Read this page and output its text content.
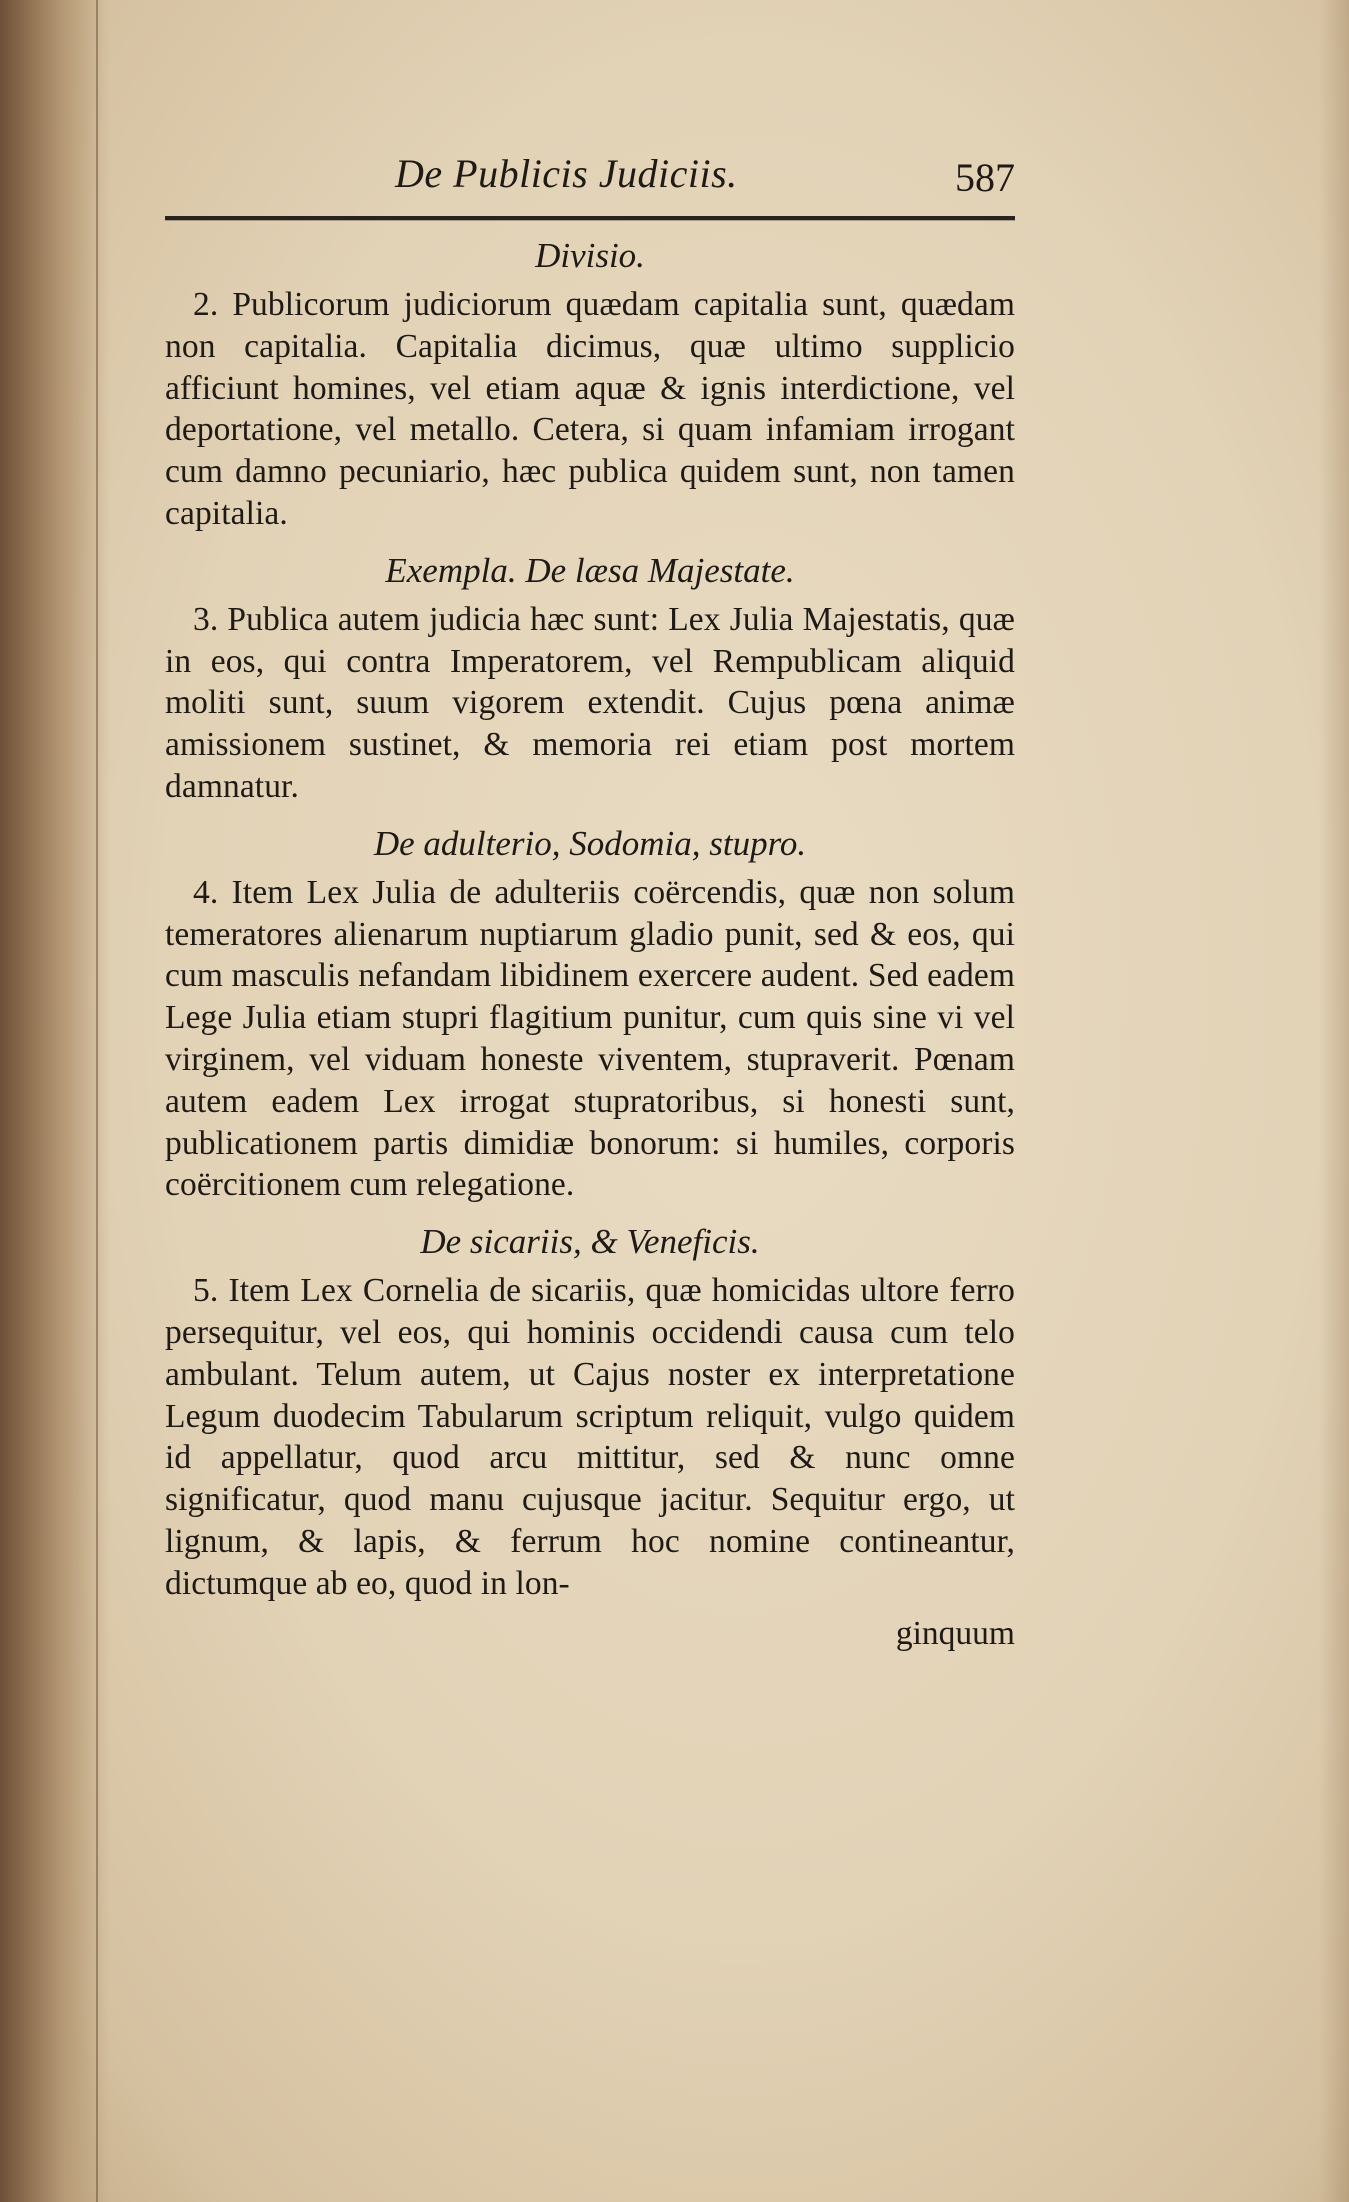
De Publicis Judiciis.	587
Divisio.

2. Publicorum judiciorum quædam capitalia sunt, quædam non capitalia. Capitalia dicimus, quæ ultimo supplicio afficiunt homines, vel etiam aquæ & ignis interdictione, vel deportatione, vel metallo. Cetera, si quam infamiam irrogant cum damno pecuniario, hæc publica quidem sunt, non tamen capitalia.

Exempla. De læsa Majestate.

3. Publica autem judicia hæc sunt: Lex Julia Majestatis, quæ in eos, qui contra Imperatorem, vel Rempublicam aliquid moliti sunt, suum vigorem extendit. Cujus pœna animæ amissionem sustinet, & memoria rei etiam post mortem damnatur.

De adulterio, Sodomia, stupro.

4. Item Lex Julia de adulteriis coërcendis, quæ non solum temeratores alienarum nuptiarum gladio punit, sed & eos, qui cum masculis nefandam libidinem exercere audent. Sed eadem Lege Julia etiam stupri flagitium punitur, cum quis sine vi vel virginem, vel viduam honeste viventem, stupraverit. Pœnam autem eadem Lex irrogat stupratoribus, si honesti sunt, publicationem partis dimidiæ bonorum: si humiles, corporis coërcitionem cum relegatione.

De sicariis, & Veneficis.

5. Item Lex Cornelia de sicariis, quæ homicidas ultore ferro persequitur, vel eos, qui hominis occidendi causa cum telo ambulant. Telum autem, ut Cajus noster ex interpretatione Legum duodecim Tabularum scriptum reliquit, vulgo quidem id appellatur, quod arcu mittitur, sed & nunc omne significatur, quod manu cujusque jacitur. Sequitur ergo, ut lignum, & lapis, & ferrum hoc nomine contineantur, dictumque ab eo, quod in lon-

ginquum
